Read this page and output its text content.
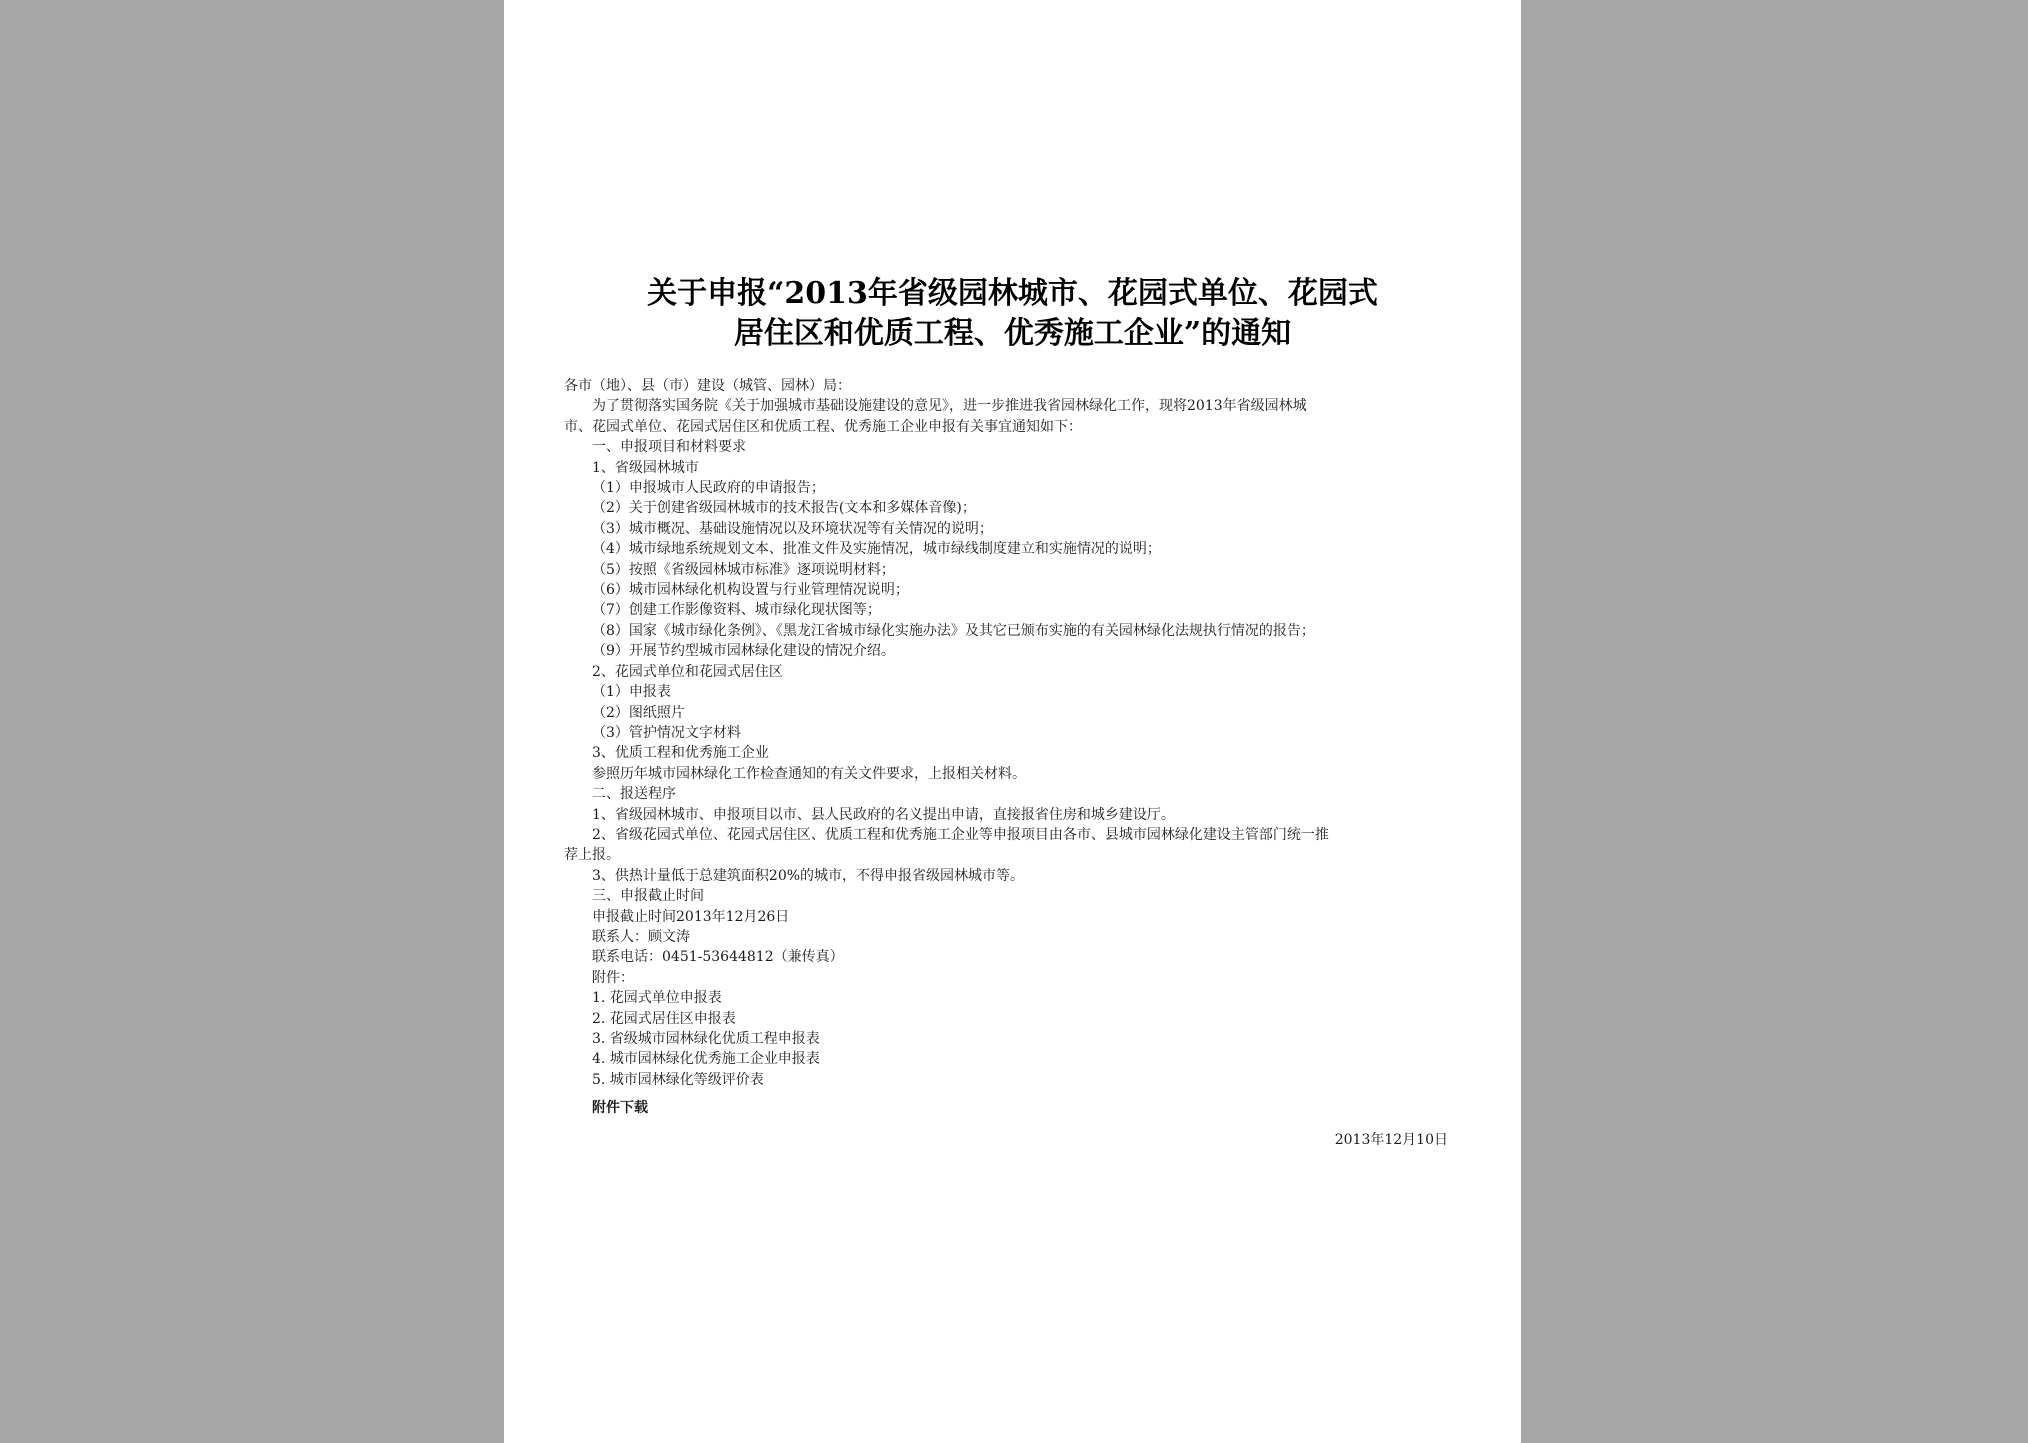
关于申报“2013年省级园林城市、花园式单位、花园式
居住区和优质工程、优秀施工企业”的通知

各市（地）、县（市）建设（城管、园林）局：

为了贯彻落实国务院《关于加强城市基础设施建设的意见》，进一步推进我省园林绿化工作，现将2013年省级园林城

市、花园式单位、花园式居住区和优质工程、优秀施工企业申报有关事宜通知如下：

一、申报项目和材料要求

1、省级园林城市

（1）申报城市人民政府的申请报告；

（2）关于创建省级园林城市的技术报告(文本和多媒体音像)；

（3）城市概况、基础设施情况以及环境状况等有关情况的说明；

（4）城市绿地系统规划文本、批准文件及实施情况，城市绿线制度建立和实施情况的说明；

（5）按照《省级园林城市标准》逐项说明材料；

（6）城市园林绿化机构设置与行业管理情况说明；

（7）创建工作影像资料、城市绿化现状图等；

（8）国家《城市绿化条例》、《黑龙江省城市绿化实施办法》及其它已颁布实施的有关园林绿化法规执行情况的报告；

（9）开展节约型城市园林绿化建设的情况介绍。

2、花园式单位和花园式居住区

（1）申报表

（2）图纸照片

（3）管护情况文字材料

3、优质工程和优秀施工企业

参照历年城市园林绿化工作检查通知的有关文件要求，上报相关材料。

二、报送程序

1、省级园林城市、申报项目以市、县人民政府的名义提出申请，直接报省住房和城乡建设厅。

2、省级花园式单位、花园式居住区、优质工程和优秀施工企业等申报项目由各市、县城市园林绿化建设主管部门统一推

荐上报。

3、供热计量低于总建筑面积20%的城市，不得申报省级园林城市等。

三、申报截止时间

申报截止时间2013年12月26日

联系人：顾文涛

联系电话：0451-53644812（兼传真）

附件：

1. 花园式单位申报表

2. 花园式居住区申报表

3. 省级城市园林绿化优质工程申报表

4. 城市园林绿化优秀施工企业申报表

5. 城市园林绿化等级评价表

附件下载

2013年12月10日
